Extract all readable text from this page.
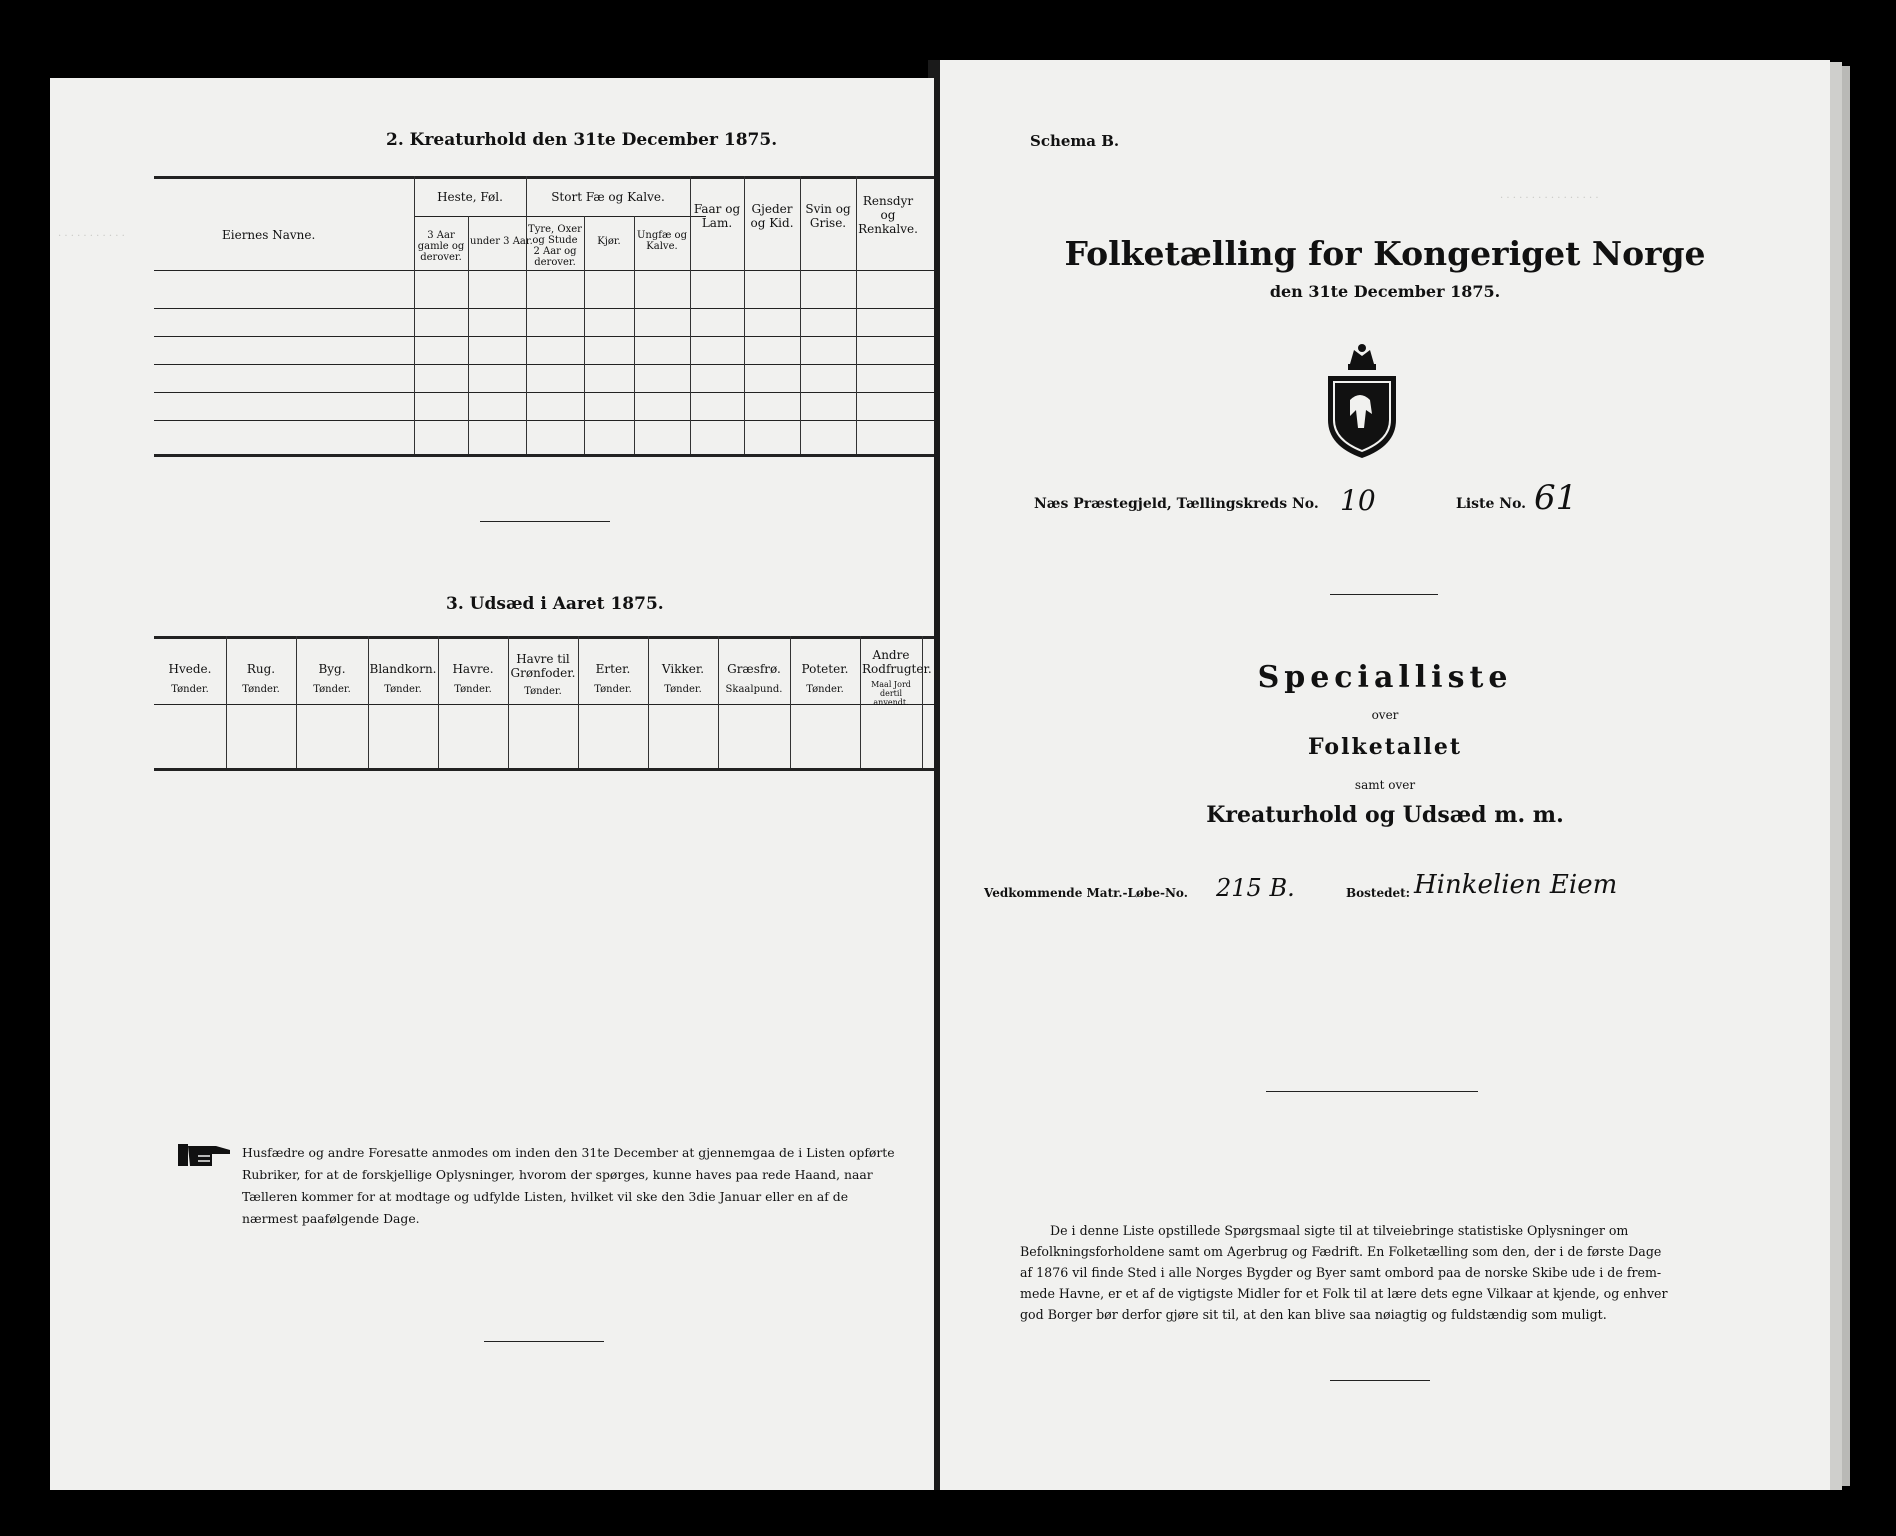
. . . . . . . . . . .
2. Kreaturhold den 31te December 1875.
Eiernes Navne.
Heste, Føl.
3 Aar gamle og derover.
under 3 Aar.
Stort Fæ og Kalve.
Tyre, Oxer og Stude 2 Aar og derover.
Kjør.
Ungfæ og Kalve.
Faar og Lam.
Gjeder og Kid.
Svin og Grise.
Rensdyr og Renkalve.
3. Udsæd i Aaret 1875.
Hvede.
Tønder.
Rug.
Tønder.
Byg.
Tønder.
Blandkorn.
Tønder.
Havre.
Tønder.
Havre til Grønfoder.
Tønder.
Erter.
Tønder.
Vikker.
Tønder.
Græsfrø.
Skaalpund.
Poteter.
Tønder.
Andre Rodfrugter.
Maal Jord dertil anvendt.
Husfædre og andre Foresatte anmodes om inden den 31te December at gjennemgaa de i Listen opførte
Rubriker, for at de forskjellige Oplysninger, hvorom der spørges, kunne haves paa rede Haand, naar
Tælleren kommer for at modtage og udfylde Listen, hvilket vil ske den 3die Januar eller en af de
nærmest paafølgende Dage.
. . . . . . . . . . . . . . . .
Schema B.
Folketælling for Kongeriget Norge
den 31te December 1875.
Næs Præstegjeld, Tællingskreds No. 10	Liste No. 61
Specialliste
over
Folketallet
samt over
Kreaturhold og Udsæd m. m.
Vedkommende Matr.-Løbe-No. 215 B.	Bostedet: Hinkelien Eiem
De i denne Liste opstillede Spørgsmaal sigte til at tilveiebringe statistiske Oplysninger om
Befolkningsforholdene samt om Agerbrug og Fædrift. En Folketælling som den, der i de første Dage
af 1876 vil finde Sted i alle Norges Bygder og Byer samt ombord paa de norske Skibe ude i de frem-
mede Havne, er et af de vigtigste Midler for et Folk til at lære dets egne Vilkaar at kjende, og enhver
god Borger bør derfor gjøre sit til, at den kan blive saa nøiagtig og fuldstændig som muligt.
